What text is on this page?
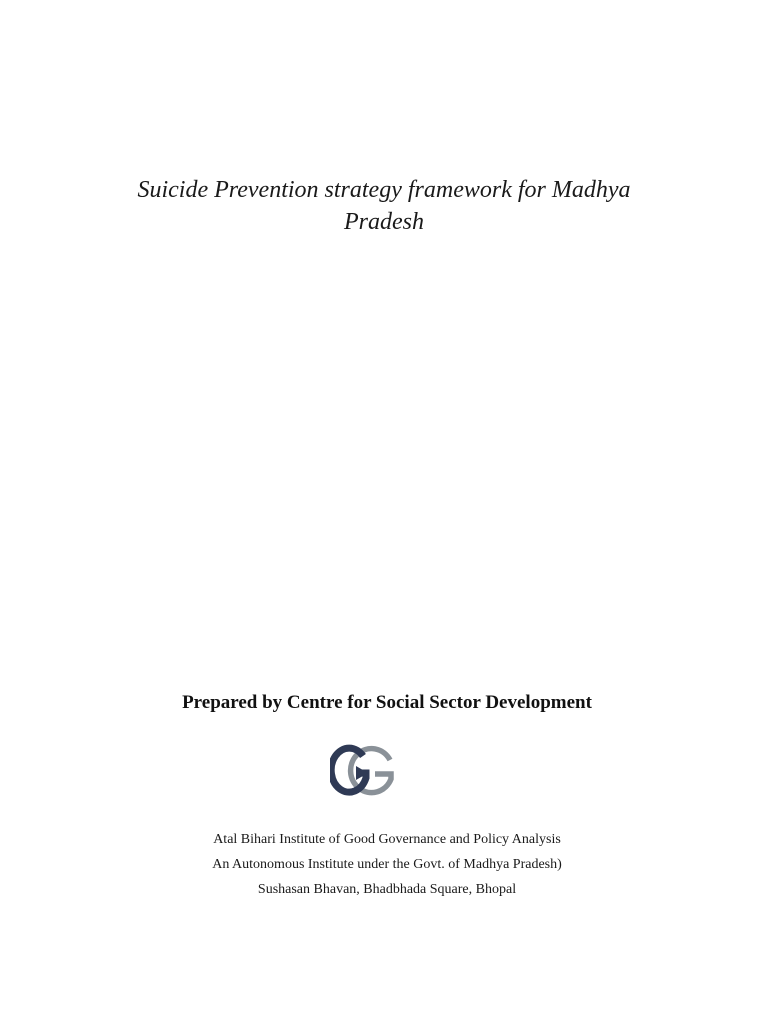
Suicide Prevention strategy framework for Madhya
Pradesh
Prepared by Centre for Social Sector Development
Atal Bihari Institute of Good Governance and Policy Analysis
An Autonomous Institute under the Govt. of Madhya Pradesh)
Sushasan Bhavan, Bhadbhada Square, Bhopal
